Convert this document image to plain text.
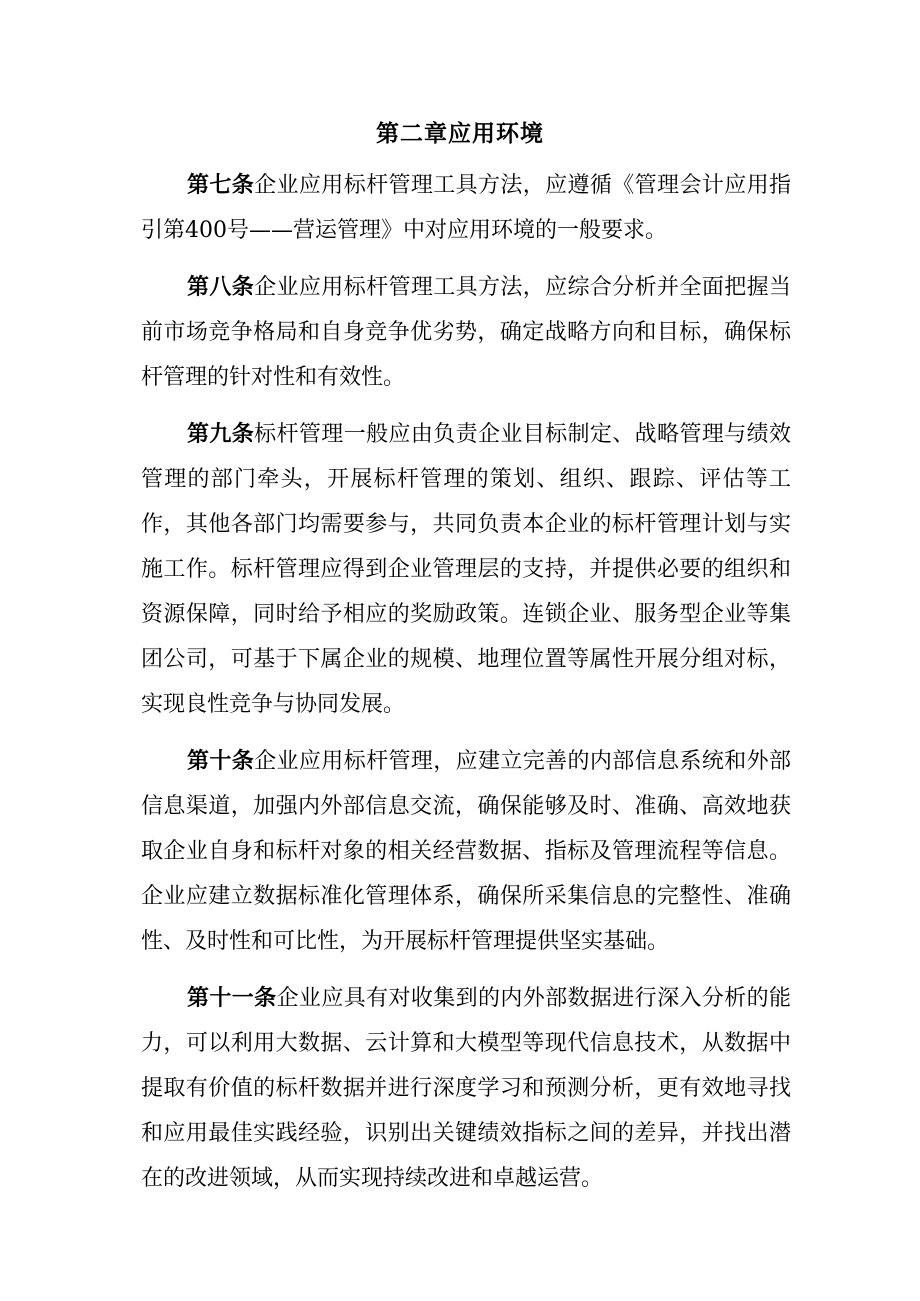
第二章应用环境

第七条企业应用标杆管理工具方法，应遵循《管理会计应用指引第400号——营运管理》中对应用环境的一般要求。

第八条企业应用标杆管理工具方法，应综合分析并全面把握当前市场竞争格局和自身竞争优劣势，确定战略方向和目标，确保标杆管理的针对性和有效性。

第九条标杆管理一般应由负责企业目标制定、战略管理与绩效管理的部门牵头，开展标杆管理的策划、组织、跟踪、评估等工作，其他各部门均需要参与，共同负责本企业的标杆管理计划与实施工作。标杆管理应得到企业管理层的支持，并提供必要的组织和资源保障，同时给予相应的奖励政策。连锁企业、服务型企业等集团公司，可基于下属企业的规模、地理位置等属性开展分组对标，实现良性竞争与协同发展。

第十条企业应用标杆管理，应建立完善的内部信息系统和外部信息渠道，加强内外部信息交流，确保能够及时、准确、高效地获取企业自身和标杆对象的相关经营数据、指标及管理流程等信息。企业应建立数据标准化管理体系，确保所采集信息的完整性、准确性、及时性和可比性，为开展标杆管理提供坚实基础。

第十一条企业应具有对收集到的内外部数据进行深入分析的能力，可以利用大数据、云计算和大模型等现代信息技术，从数据中提取有价值的标杆数据并进行深度学习和预测分析，更有效地寻找和应用最佳实践经验，识别出关键绩效指标之间的差异，并找出潜在的改进领域，从而实现持续改进和卓越运营。
